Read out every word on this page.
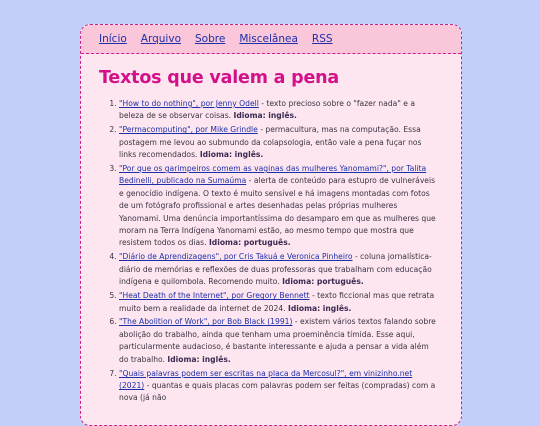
Início Arquivo Sobre Miscelânea RSS
Textos que valem a pena
1. "How to do nothing", por Jenny Odell - texto precioso sobre o "fazer nada" e a beleza de se observar coisas. Idioma: inglês.
2. "Permacomputing", por Mike Grindle - permacultura, mas na computação. Essa postagem me levou ao submundo da colapsologia, então vale a pena fuçar nos links recomendados. Idioma: inglês.
3. "Por que os garimpeiros comem as vaginas das mulheres Yanomami?", por Talita Bedinelli, publicado na Sumaúma - alerta de conteúdo para estupro de vulneráveis e genocídio indígena. O texto é muito sensível e há imagens montadas com fotos de um fotógrafo profissional e artes desenhadas pelas próprias mulheres Yanomami. Uma denúncia importantíssima do desamparo em que as mulheres que moram na Terra Indígena Yanomami estão, ao mesmo tempo que mostra que resistem todos os dias. Idioma: português.
4. "Diário de Aprendizagens", por Cris Takuá e Veronica Pinheiro - coluna jornalística-diário de memórias e reflexões de duas professoras que trabalham com educação indígena e quilombola. Recomendo muito. Idioma: português.
5. "Heat Death of the Internet", por Gregory Bennett - texto ficcional mas que retrata muito bem a realidade da internet de 2024. Idioma: inglês.
6. "The Abolition of Work", por Bob Black (1991) - existem vários textos falando sobre abolição do trabalho, ainda que tenham uma proeminência tímida. Esse aqui, particularmente audacioso, é bastante interessante e ajuda a pensar a vida além do trabalho. Idioma: inglês.
7. "Quais palavras podem ser escritas na placa da Mercosul?", em vinizinho.net (2021) - quantas e quais placas com palavras podem ser feitas (compradas) com a nova (já não
